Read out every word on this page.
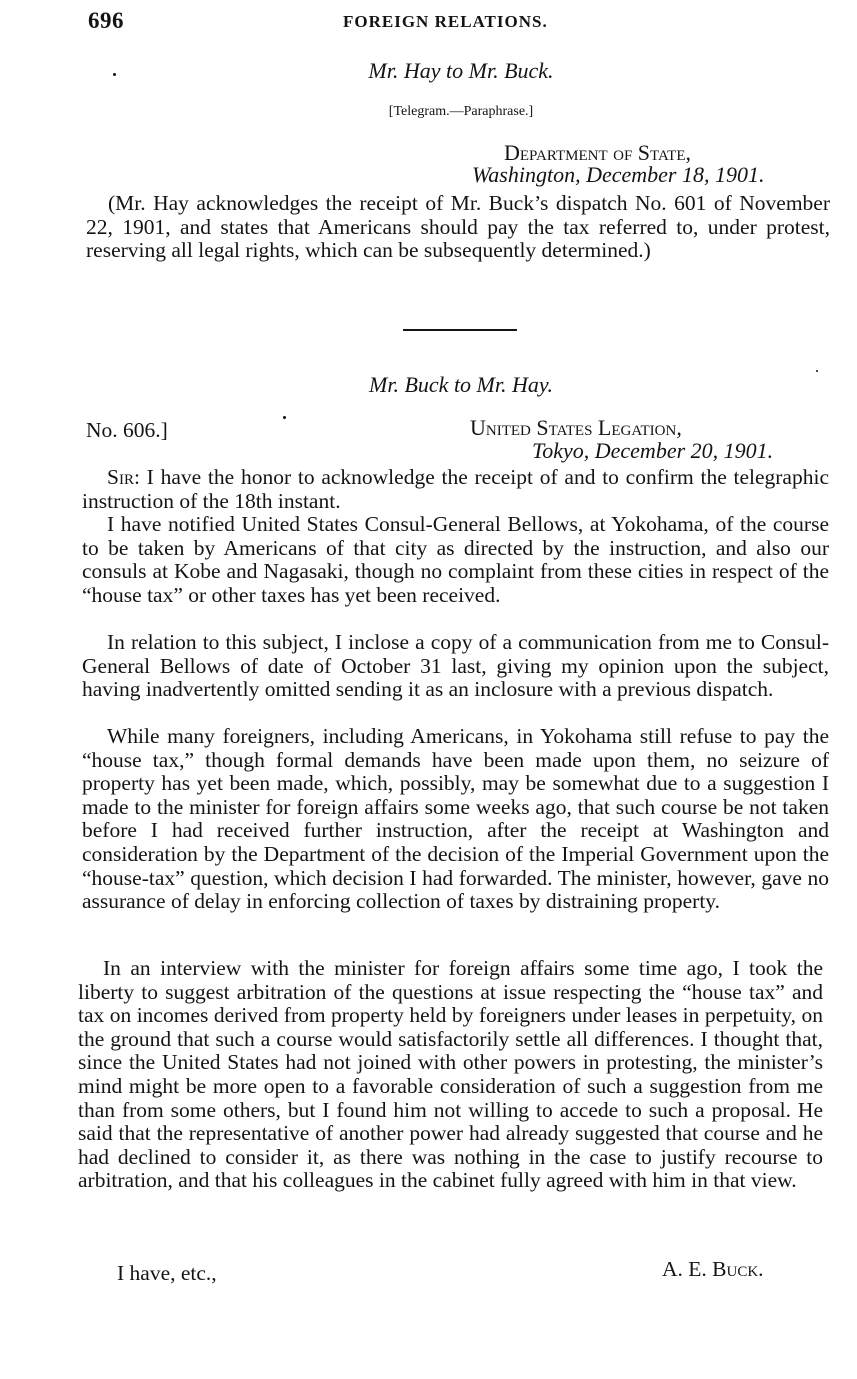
696	FOREIGN RELATIONS.
Mr. Hay to Mr. Buck.
[Telegram.—Paraphrase.]
Department of State,
Washington, December 18, 1901.
(Mr. Hay acknowledges the receipt of Mr. Buck’s dispatch No. 601 of November 22, 1901, and states that Americans should pay the tax referred to, under protest, reserving all legal rights, which can be subsequently determined.)
Mr. Buck to Mr. Hay.
No. 606.]	United States Legation,
Tokyo, December 20, 1901.
Sir: I have the honor to acknowledge the receipt of and to confirm the telegraphic instruction of the 18th instant.
I have notified United States Consul-General Bellows, at Yokohama, of the course to be taken by Americans of that city as directed by the instruction, and also our consuls at Kobe and Nagasaki, though no complaint from these cities in respect of the “house tax” or other taxes has yet been received.
In relation to this subject, I inclose a copy of a communication from me to Consul-General Bellows of date of October 31 last, giving my opinion upon the subject, having inadvertently omitted sending it as an inclosure with a previous dispatch.
While many foreigners, including Americans, in Yokohama still refuse to pay the “house tax,” though formal demands have been made upon them, no seizure of property has yet been made, which, possibly, may be somewhat due to a suggestion I made to the minister for foreign affairs some weeks ago, that such course be not taken before I had received further instruction, after the receipt at Washington and consideration by the Department of the decision of the Imperial Government upon the “house-tax” question, which decision I had forwarded. The minister, however, gave no assurance of delay in enforcing collection of taxes by distraining property.
In an interview with the minister for foreign affairs some time ago, I took the liberty to suggest arbitration of the questions at issue respecting the “house tax” and tax on incomes derived from property held by foreigners under leases in perpetuity, on the ground that such a course would satisfactorily settle all differences. I thought that, since the United States had not joined with other powers in protesting, the minister’s mind might be more open to a favorable consideration of such a suggestion from me than from some others, but I found him not willing to accede to such a proposal. He said that the representative of another power had already suggested that course and he had declined to consider it, as there was nothing in the case to justify recourse to arbitration, and that his colleagues in the cabinet fully agreed with him in that view.
I have, etc.,	A. E. Buck.
